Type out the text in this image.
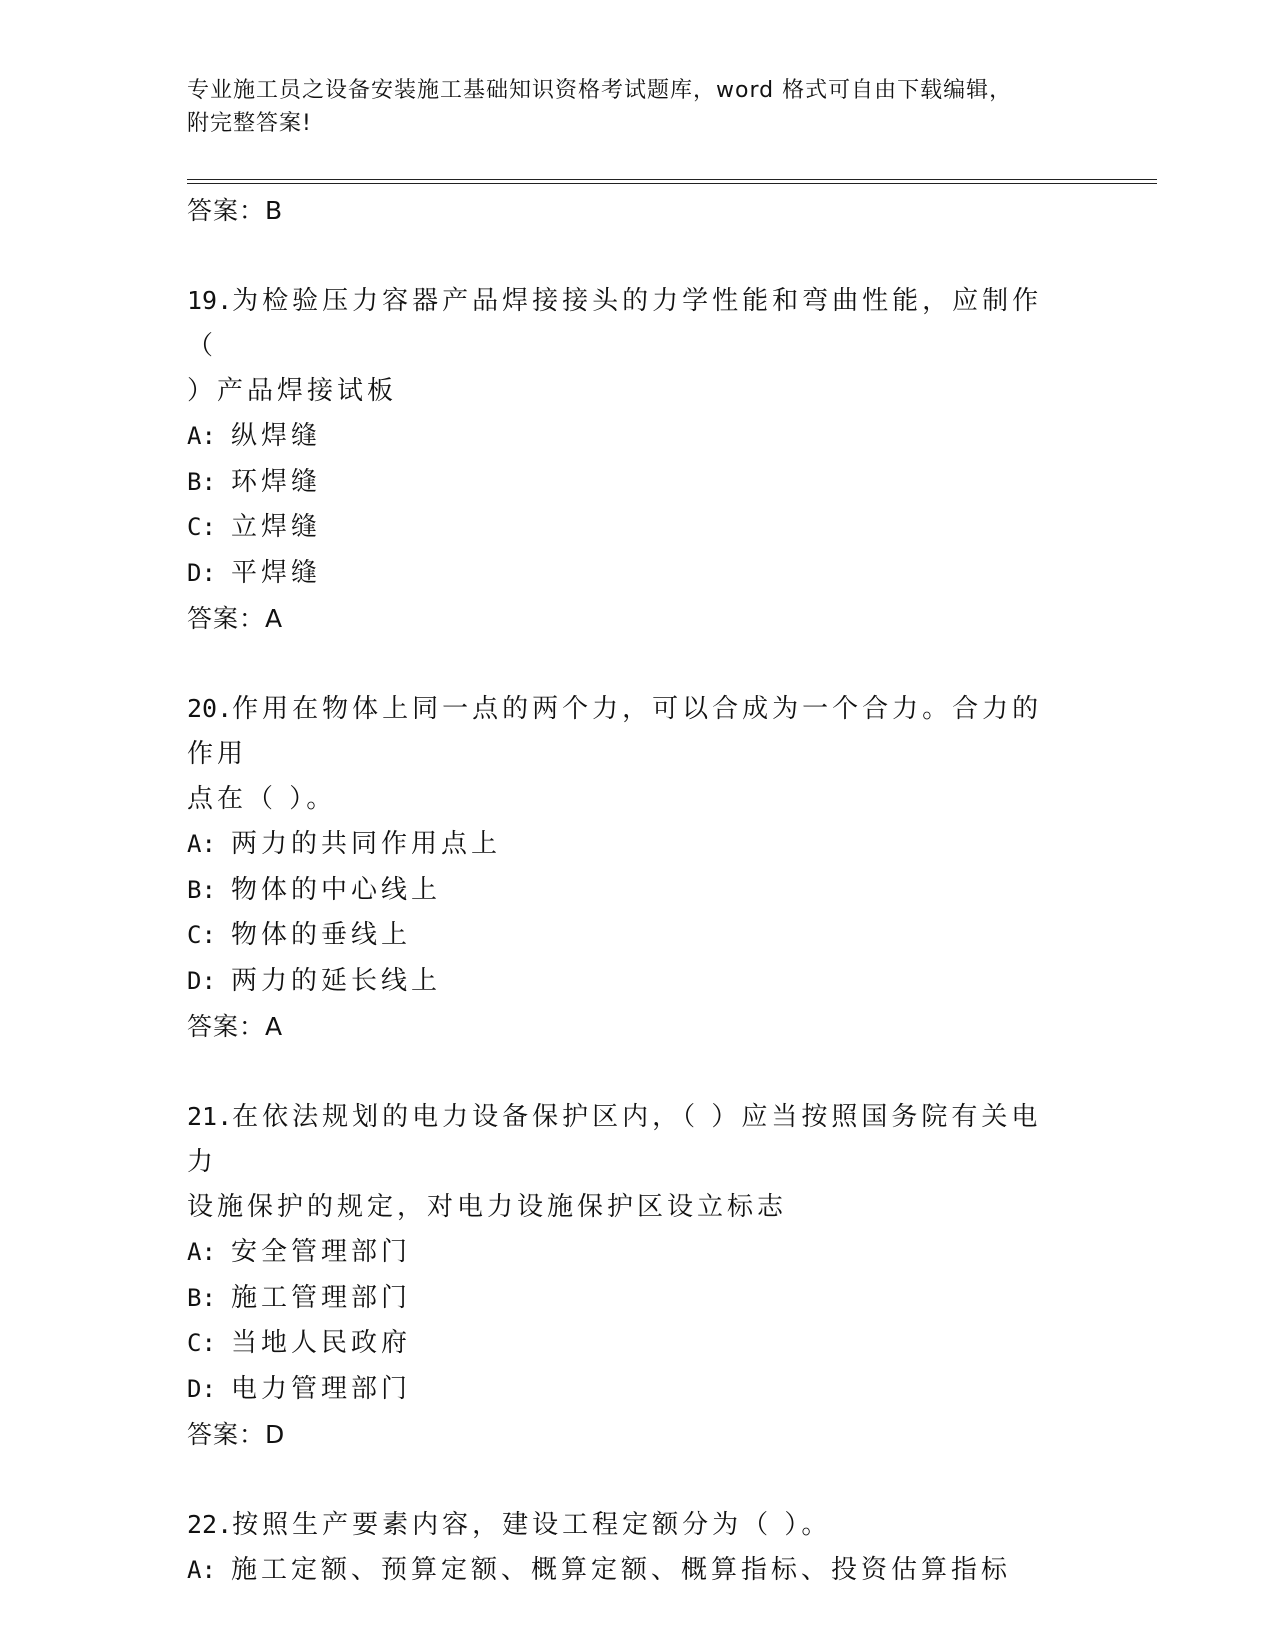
专业施工员之设备安装施工基础知识资格考试题库，word 格式可自由下载编辑，
附完整答案!
答案：B
19.为检验压力容器产品焊接接头的力学性能和弯曲性能，应制作（
）产品焊接试板
A: 纵焊缝
B: 环焊缝
C: 立焊缝
D: 平焊缝
答案：A
20.作用在物体上同一点的两个力，可以合成为一个合力。合力的作用
点在（ ）。
A: 两力的共同作用点上
B: 物体的中心线上
C: 物体的垂线上
D: 两力的延长线上
答案：A
21.在依法规划的电力设备保护区内，（ ）应当按照国务院有关电力
设施保护的规定，对电力设施保护区设立标志
A: 安全管理部门
B: 施工管理部门
C: 当地人民政府
D: 电力管理部门
答案：D
22.按照生产要素内容，建设工程定额分为（ ）。
A: 施工定额、预算定额、概算定额、概算指标、投资估算指标
